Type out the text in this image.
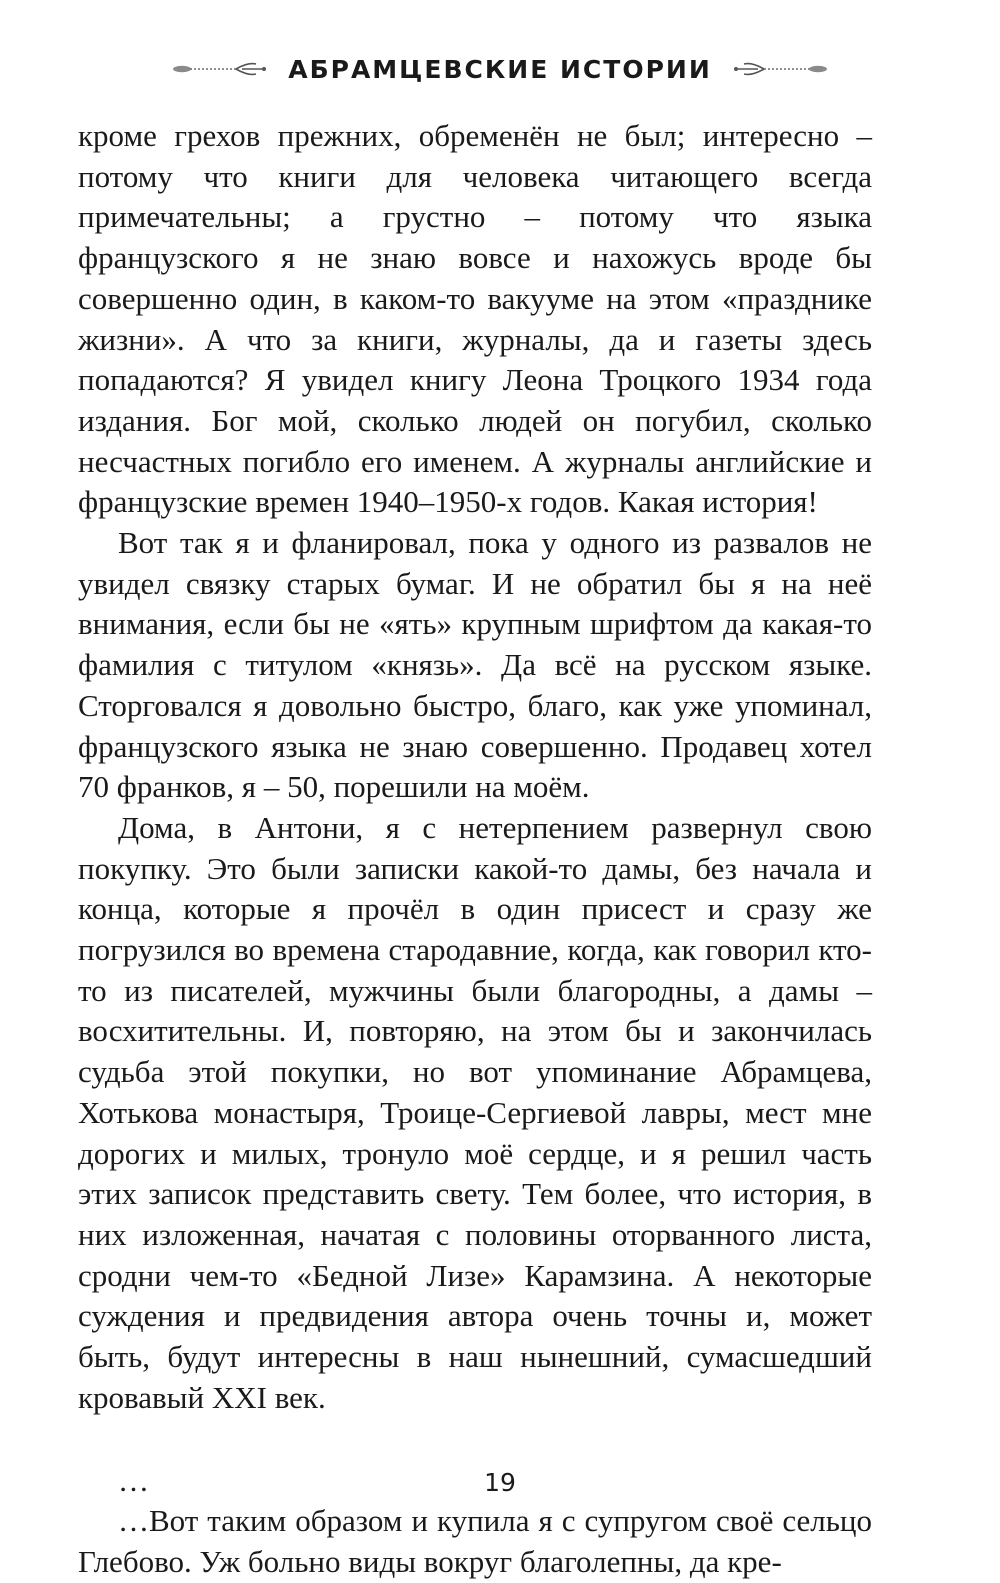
АБРАМЦЕВСКИЕ ИСТОРИИ

кроме грехов прежних, обременён не был; интересно – потому что книги для человека читающего всегда примечательны; а грустно – потому что языка французского я не знаю вовсе и нахожусь вроде бы совершенно один, в каком-то вакууме на этом «празднике жизни». А что за книги, журналы, да и газеты здесь попадаются? Я увидел книгу Леона Троцкого 1934 года издания. Бог мой, сколько людей он погубил, сколько несчастных погибло его именем. А журналы английские и французские времен 1940–1950-х годов. Какая история!

Вот так я и фланировал, пока у одного из развалов не увидел связку старых бумаг. И не обратил бы я на неё внимания, если бы не «ять» крупным шрифтом да какая-то фамилия с титулом «князь». Да всё на русском языке. Сторговался я довольно быстро, благо, как уже упоминал, французского языка не знаю совершенно. Продавец хотел 70 франков, я – 50, порешили на моём.

Дома, в Антони, я с нетерпением развернул свою покупку. Это были записки какой-то дамы, без начала и конца, которые я прочёл в один присест и сразу же погрузился во времена стародавние, когда, как говорил кто-то из писателей, мужчины были благородны, а дамы – восхитительны. И, повторяю, на этом бы и закончилась судьба этой покупки, но вот упоминание Абрамцева, Хотькова монастыря, Троице-Сергиевой лавры, мест мне дорогих и милых, тронуло моё сердце, и я решил часть этих записок представить свету. Тем более, что история, в них изложенная, начатая с половины оторванного листа, сродни чем-то «Бедной Лизе» Карамзина. А некоторые суждения и предвидения автора очень точны и, может быть, будут интересны в наш нынешний, сумасшедший кровавый XXI век.

…

…Вот таким образом и купила я с супругом своё сельцо Глебово. Уж больно виды вокруг благолепны, да кре-

19
